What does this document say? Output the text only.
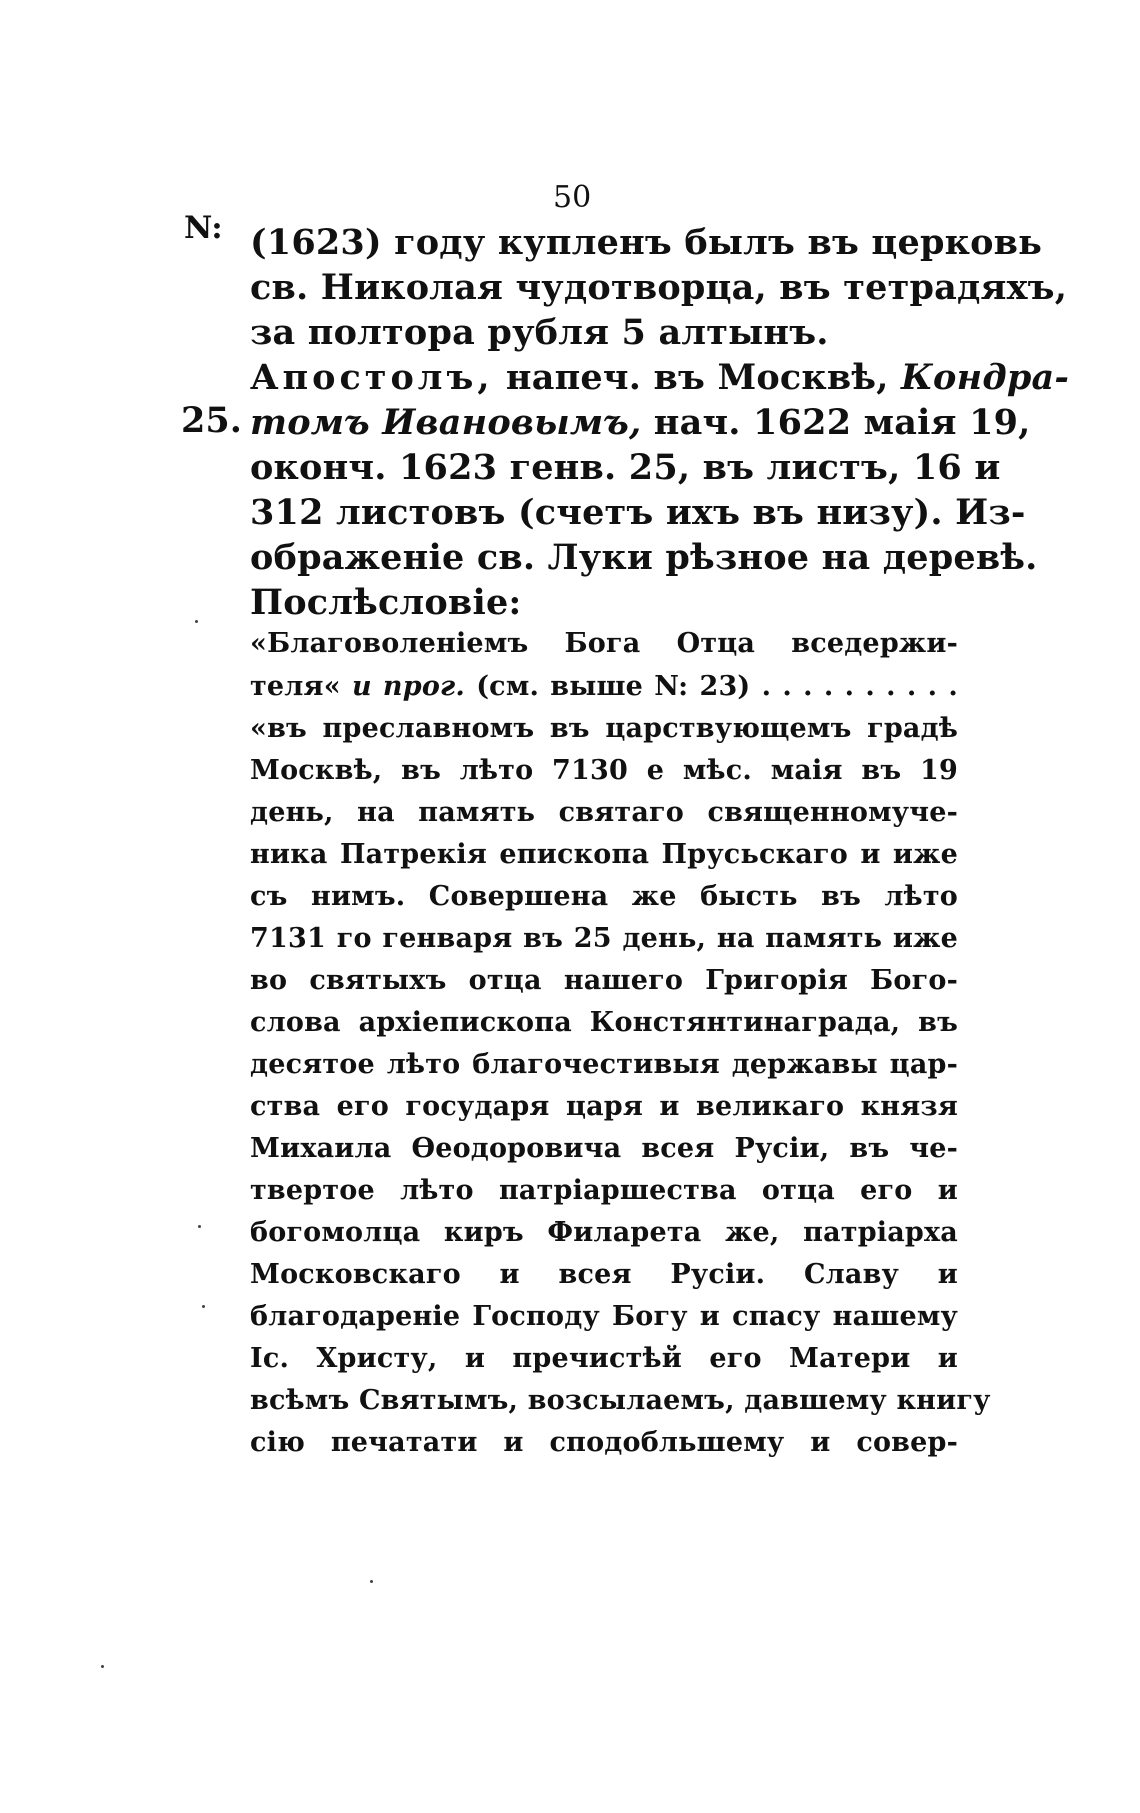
50
N: (1623) году купленъ былъ въ церковь
св. Николая чудотворца, въ тетрадяхъ,
за полтора рубля 5 алтынъ.
25.
Апостолъ, напеч. въ Москвѣ, Кондра-
томъ Ивановымъ, нач. 1622 маія 19,
оконч. 1623 генв. 25, въ листъ, 16 и
312 листовъ (счетъ ихъ въ низу). Из-
ображеніе св. Луки рѣзное на деревѣ.
Послѣсловіе:
«Благоволеніемъ Бога Отца вседержи-
теля« и прог. (см. выше N: 23) . . . . . . . . . .
«въ преславномъ въ царствующемъ градѣ
Москвѣ, въ лѣто 7130 е мѣс. маія въ 19
день, на память святаго священномуче-
ника Патрекія епископа Прусьскаго и иже
съ нимъ. Совершена же бысть въ лѣто
7131 го генваря въ 25 день, на память иже
во святыхъ отца нашего Григорія Бого-
слова архіепископа Констянтинаграда, въ
десятое лѣто благочестивыя державы цар-
ства его государя царя и великаго князя
Михаила Ѳеодоровича всея Русіи, въ че-
твертое лѣто патріаршества отца его и
богомолца киръ Филарета же, патріарха
Московскаго и всея Русіи. Славу и
благодареніе Господу Богу и спасу нашему
Іс. Христу, и пречистѣй его Матери и
всѣмъ Святымъ, возсылаемъ, давшему книгу
сію печатати и сподобльшему и совер-
